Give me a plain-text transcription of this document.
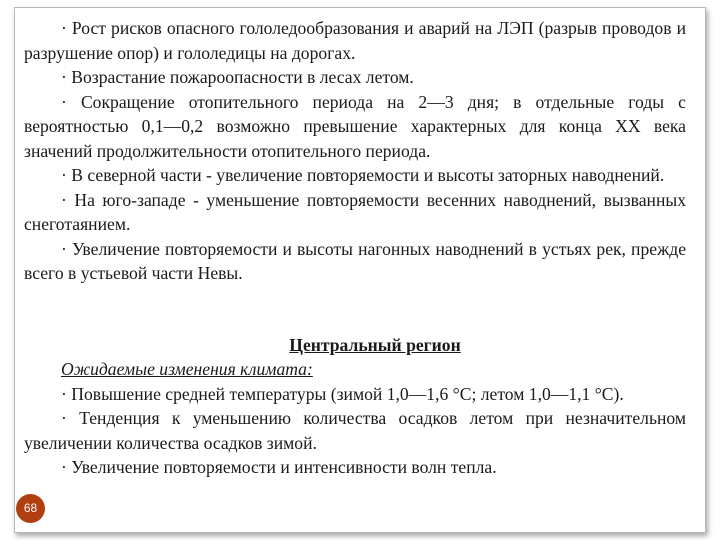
· Рост рисков опасного гололедообразования и аварий на ЛЭП (разрыв проводов и разрушение опор) и гололедицы на дорогах.

· Возрастание пожароопасности в лесах летом.

· Сокращение отопительного периода на 2—3 дня; в отдельные годы с вероятностью 0,1—0,2 возможно превышение характерных для конца ХХ века значений продолжительности отопительного периода.

· В северной части - увеличение повторяемости и высоты заторных наводнений.

· На юго-западе - уменьшение повторяемости весенних наводнений, вызванных снеготаянием.

· Увеличение повторяемости и высоты нагонных наводнений в устьях рек, прежде всего в устьевой части Невы.

Центральный регион

Ожидаемые изменения климата:

· Повышение средней температуры (зимой 1,0—1,6 °С; летом 1,0—1,1 °С).

· Тенденция к уменьшению количества осадков летом при незначительном увеличении количества осадков зимой.

· Увеличение повторяемости и интенсивности волн тепла.

68
